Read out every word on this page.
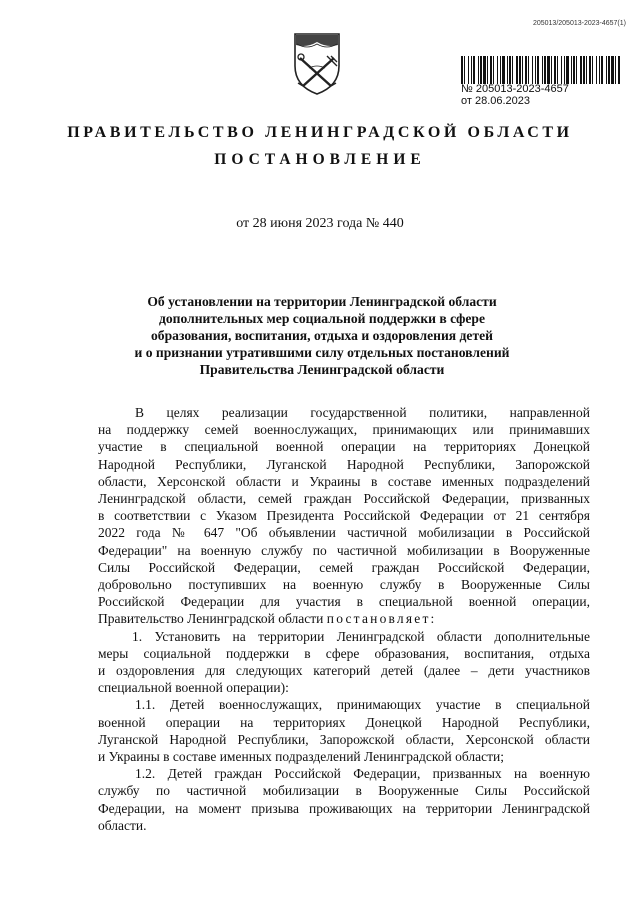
205013/205013-2023-4657(1)
№ 205013-2023-4657
от 28.06.2023
ПРАВИТЕЛЬСТВО ЛЕНИНГРАДСКОЙ ОБЛАСТИ
ПОСТАНОВЛЕНИЕ
от 28 июня 2023 года № 440
Об установлении на территории Ленинградской области
дополнительных мер социальной поддержки в сфере
образования, воспитания, отдыха и оздоровления детей
и о признании утратившими силу отдельных постановлений
Правительства Ленинградской области
В целях реализации государственной политики, направленной
на поддержку семей военнослужащих, принимающих или принимавших
участие в специальной военной операции на территориях Донецкой
Народной Республики, Луганской Народной Республики, Запорожской
области, Херсонской области и Украины в составе именных подразделений
Ленинградской области, семей граждан Российской Федерации, призванных
в соответствии с Указом Президента Российской Федерации от 21 сентября
2022 года № 647 "Об объявлении частичной мобилизации в Российской
Федерации" на военную службу по частичной мобилизации в Вооруженные
Силы Российской Федерации, семей граждан Российской Федерации,
добровольно поступивших на военную службу в Вооруженные Силы
Российской Федерации для участия в специальной военной операции,
Правительство Ленинградской области постановляет:
1. Установить на территории Ленинградской области дополнительные
меры социальной поддержки в сфере образования, воспитания, отдыха
и оздоровления для следующих категорий детей (далее – дети участников
специальной военной операции):
1.1. Детей военнослужащих, принимающих участие в специальной
военной операции на территориях Донецкой Народной Республики,
Луганской Народной Республики, Запорожской области, Херсонской области
и Украины в составе именных подразделений Ленинградской области;
1.2. Детей граждан Российской Федерации, призванных на военную
службу по частичной мобилизации в Вооруженные Силы Российской
Федерации, на момент призыва проживающих на территории Ленинградской
области.
